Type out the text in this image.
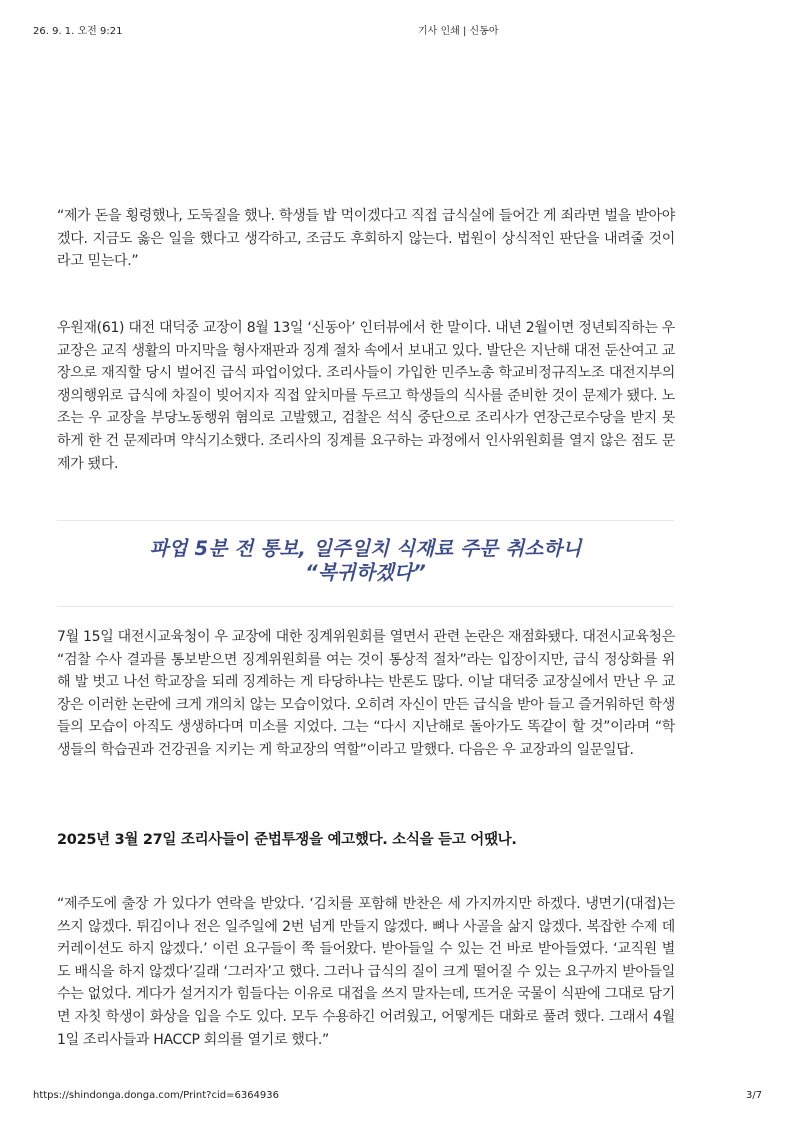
26. 9. 1. 오전 9:21	기사 인쇄 | 신동아

“제가 돈을 횡령했나, 도둑질을 했나. 학생들 밥 먹이겠다고 직접 급식실에 들어간 게 죄라면 벌을 받아야겠다. 지금도 옳은 일을 했다고 생각하고, 조금도 후회하지 않는다. 법원이 상식적인 판단을 내려줄 것이라고 믿는다.”

우원재(61) 대전 대덕중 교장이 8월 13일 ‘신동아’ 인터뷰에서 한 말이다. 내년 2월이면 정년퇴직하는 우 교장은 교직 생활의 마지막을 형사재판과 징계 절차 속에서 보내고 있다. 발단은 지난해 대전 둔산여고 교장으로 재직할 당시 벌어진 급식 파업이었다. 조리사들이 가입한 민주노총 학교비정규직노조 대전지부의 쟁의행위로 급식에 차질이 빚어지자 직접 앞치마를 두르고 학생들의 식사를 준비한 것이 문제가 됐다. 노조는 우 교장을 부당노동행위 혐의로 고발했고, 검찰은 석식 중단으로 조리사가 연장근로수당을 받지 못하게 한 건 문제라며 약식기소했다. 조리사의 징계를 요구하는 과정에서 인사위원회를 열지 않은 점도 문제가 됐다.

파업 5분 전 통보, 일주일치 식재료 주문 취소하니
“복귀하겠다”

7월 15일 대전시교육청이 우 교장에 대한 징계위원회를 열면서 관련 논란은 재점화됐다. 대전시교육청은 “검찰 수사 결과를 통보받으면 징계위원회를 여는 것이 통상적 절차”라는 입장이지만, 급식 정상화를 위해 발 벗고 나선 학교장을 되레 징계하는 게 타당하냐는 반론도 많다. 이날 대덕중 교장실에서 만난 우 교장은 이러한 논란에 크게 개의치 않는 모습이었다. 오히려 자신이 만든 급식을 받아 들고 즐거워하던 학생들의 모습이 아직도 생생하다며 미소를 지었다. 그는 “다시 지난해로 돌아가도 똑같이 할 것”이라며 “학생들의 학습권과 건강권을 지키는 게 학교장의 역할”이라고 말했다. 다음은 우 교장과의 일문일답.

2025년 3월 27일 조리사들이 준법투쟁을 예고했다. 소식을 듣고 어땠나.

“제주도에 출장 가 있다가 연락을 받았다. ‘김치를 포함해 반찬은 세 가지까지만 하겠다. 냉면기(대접)는 쓰지 않겠다. 튀김이나 전은 일주일에 2번 넘게 만들지 않겠다. 뼈나 사골을 삶지 않겠다. 복잡한 수제 데커레이션도 하지 않겠다.’ 이런 요구들이 쭉 들어왔다. 받아들일 수 있는 건 바로 받아들였다. ‘교직원 별도 배식을 하지 않겠다’길래 ‘그러자’고 했다. 그러나 급식의 질이 크게 떨어질 수 있는 요구까지 받아들일 수는 없었다. 게다가 설거지가 힘들다는 이유로 대접을 쓰지 말자는데, 뜨거운 국물이 식판에 그대로 담기면 자칫 학생이 화상을 입을 수도 있다. 모두 수용하긴 어려웠고, 어떻게든 대화로 풀려 했다. 그래서 4월 1일 조리사들과 HACCP 회의를 열기로 했다.”

https://shindonga.donga.com/Print?cid=6364936	3/7
